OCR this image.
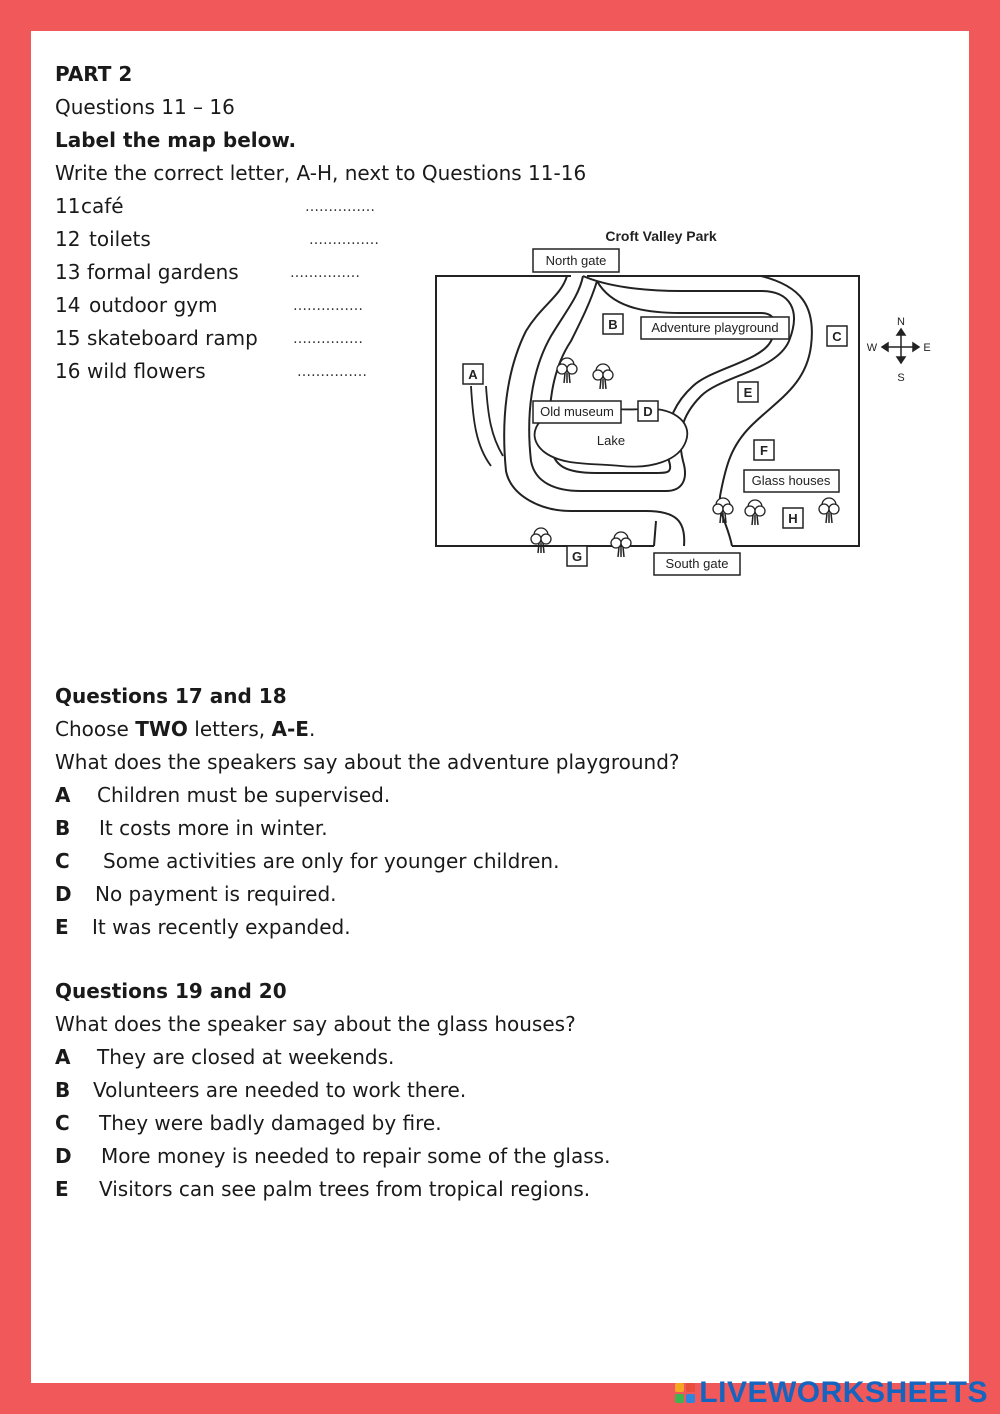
PART 2
Questions 11 – 16
Label the map below.
Write the correct letter, A-H, next to Questions 11-16
11 café	……………
12 toilets	……………
13 formal gardens	……………
14 outdoor gym	……………
15 skateboard ramp	……………
16 wild flowers	……………
Croft Valley Park
North gate
Lake
Adventure playground
Old museum
Glass houses
South gate
A
B
C
D
E
F
G
H
N
S
E
W
Questions 17 and 18
Choose TWO letters, A-E.
What does the speakers say about the adventure playground?
A Children must be supervised.
B It costs more in winter.
C Some activities are only for younger children.
D No payment is required.
E It was recently expanded.
Questions 19 and 20
What does the speaker say about the glass houses?
A They are closed at weekends.
B Volunteers are needed to work there.
C They were badly damaged by fire.
D More money is needed to repair some of the glass.
E Visitors can see palm trees from tropical regions.
LIVEWORKSHEETS
